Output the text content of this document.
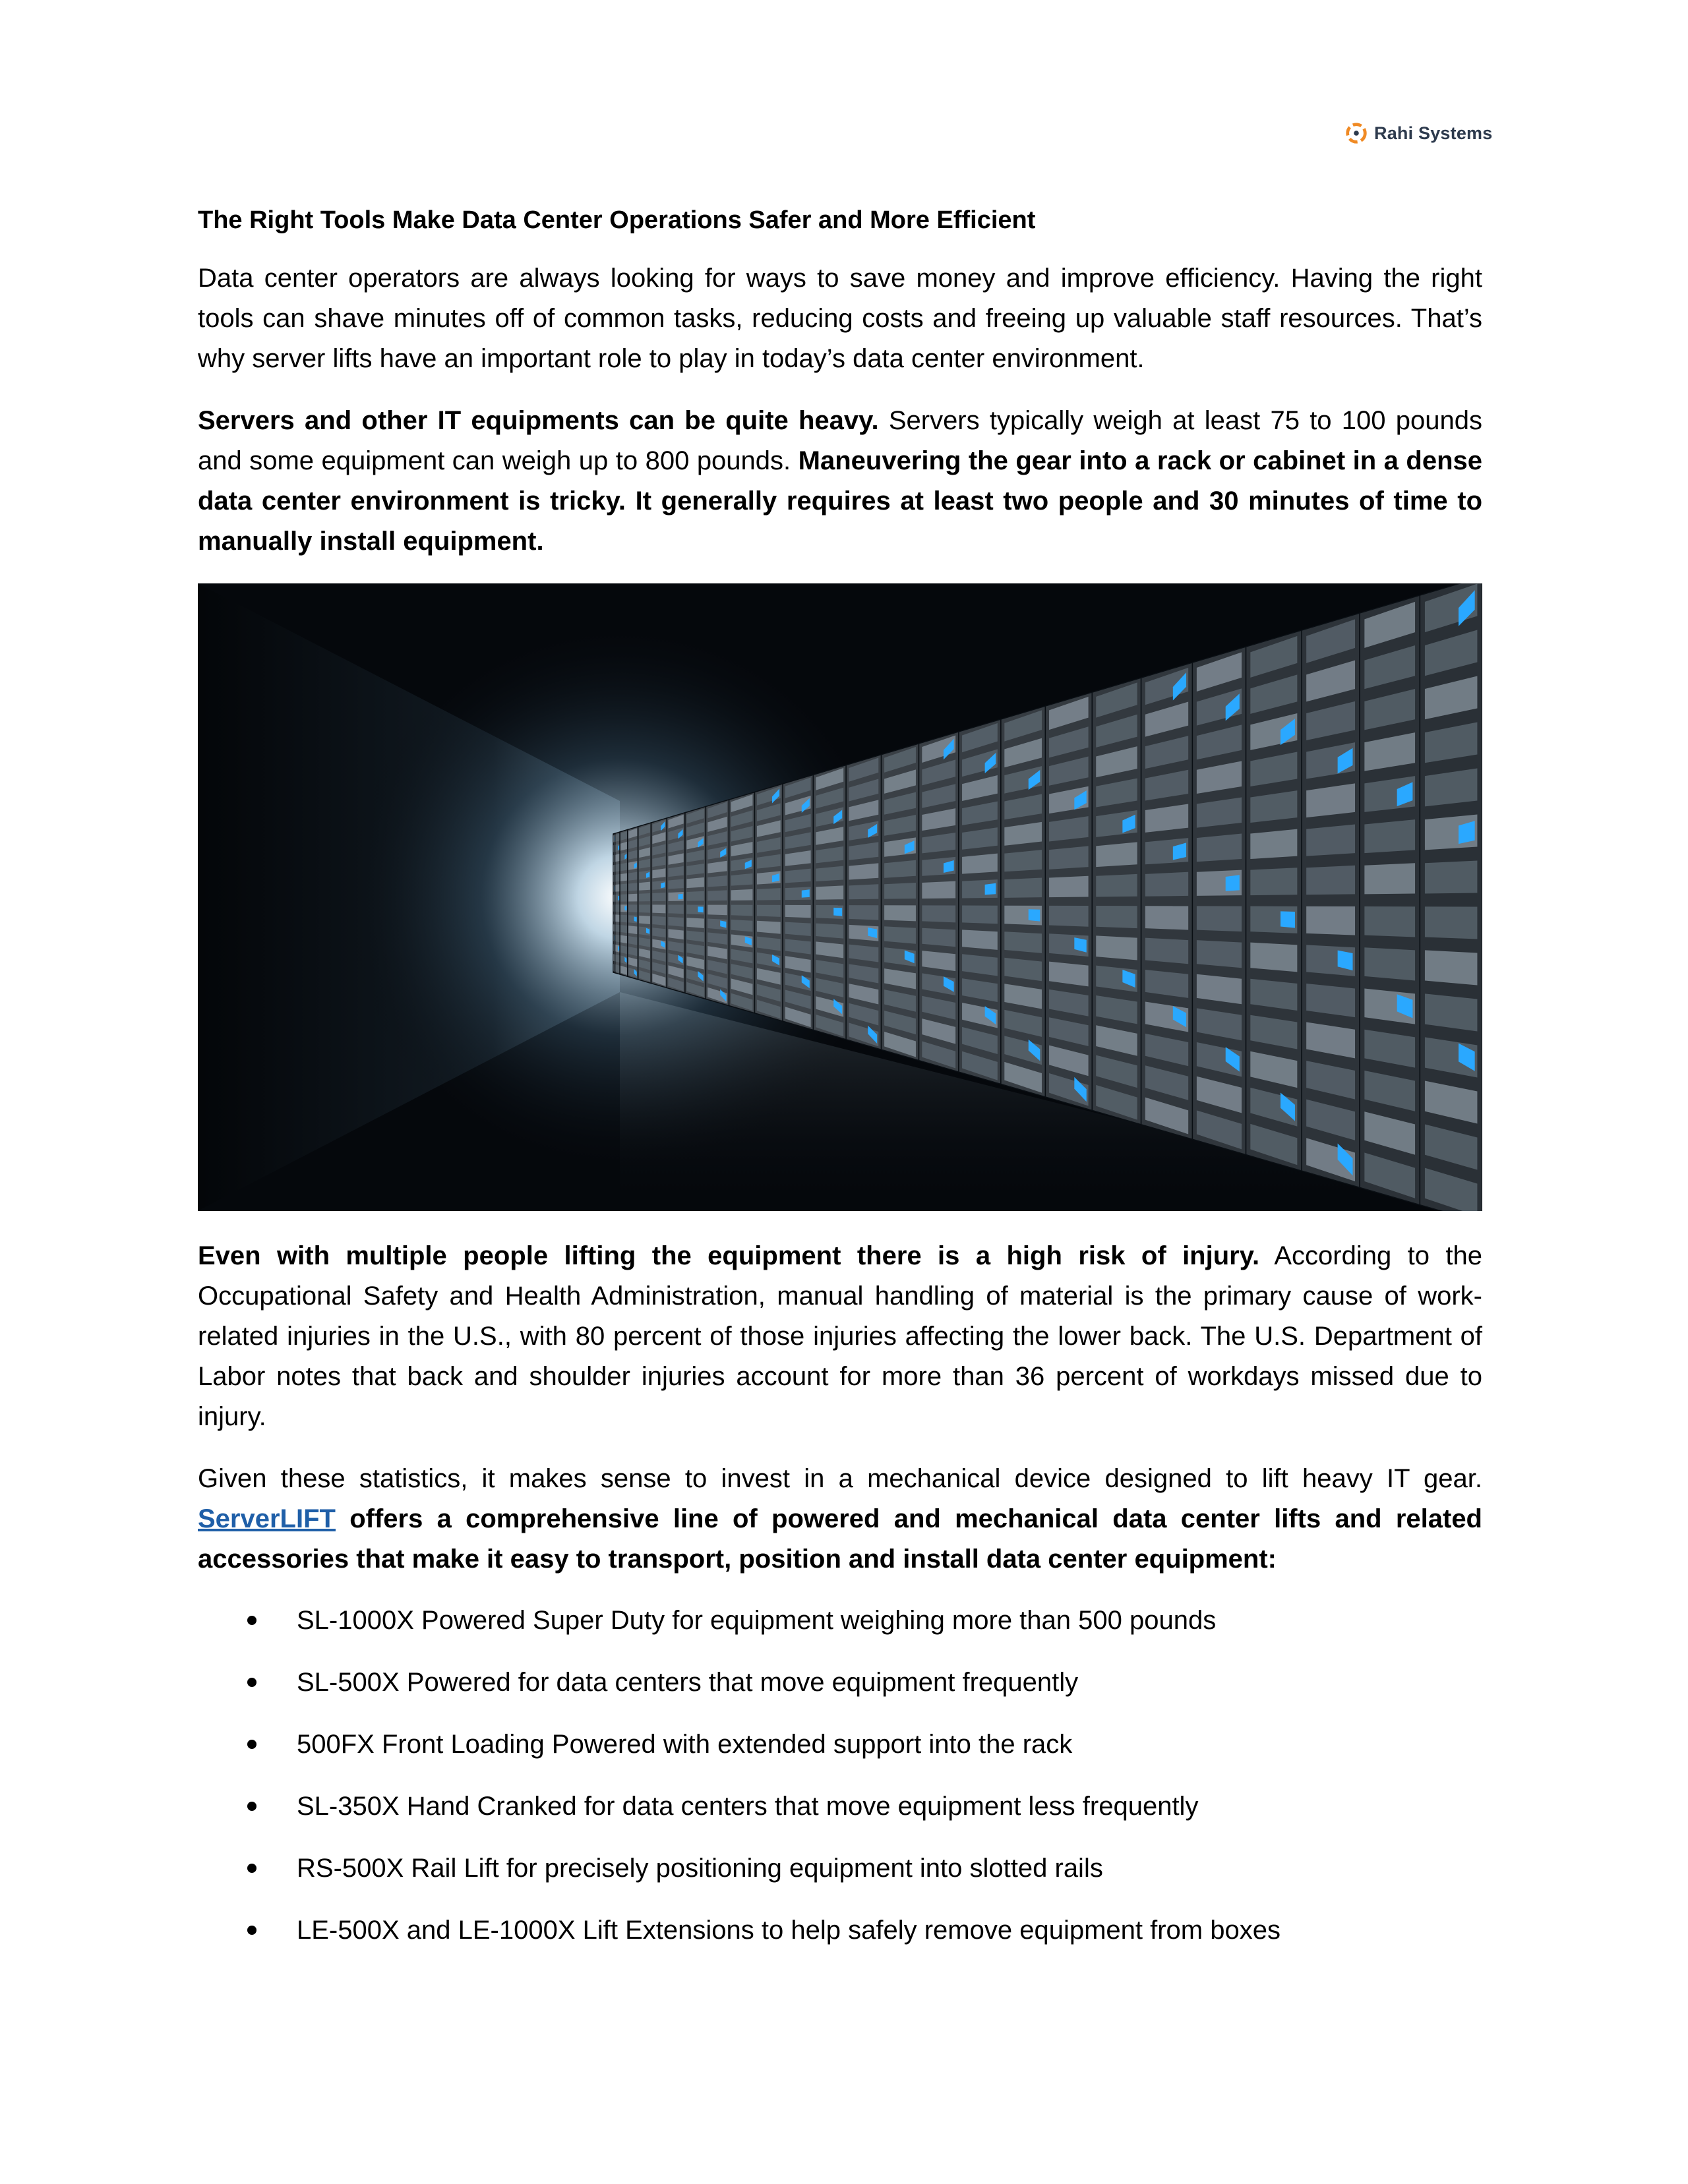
Rahi Systems
The Right Tools Make Data Center Operations Safer and More Efficient

Data center operators are always looking for ways to save money and improve efficiency. Having the right tools can shave minutes off of common tasks, reducing costs and freeing up valuable staff resources. That’s why server lifts have an important role to play in today’s data center environment.

Servers and other IT equipments can be quite heavy. Servers typically weigh at least 75 to 100 pounds and some equipment can weigh up to 800 pounds. Maneuvering the gear into a rack or cabinet in a dense data center environment is tricky. It generally requires at least two people and 30 minutes of time to manually install equipment.

Even with multiple people lifting the equipment there is a high risk of injury. According to the Occupational Safety and Health Administration, manual handling of material is the primary cause of work-related injuries in the U.S., with 80 percent of those injuries affecting the lower back. The U.S. Department of Labor notes that back and shoulder injuries account for more than 36 percent of workdays missed due to injury.

Given these statistics, it makes sense to invest in a mechanical device designed to lift heavy IT gear. ServerLIFT offers a comprehensive line of powered and mechanical data center lifts and related accessories that make it easy to transport, position and install data center equipment:

SL-1000X Powered Super Duty for equipment weighing more than 500 pounds
SL-500X Powered for data centers that move equipment frequently
500FX Front Loading Powered with extended support into the rack
SL-350X Hand Cranked for data centers that move equipment less frequently
RS-500X Rail Lift for precisely positioning equipment into slotted rails
LE-500X and LE-1000X Lift Extensions to help safely remove equipment from boxes
